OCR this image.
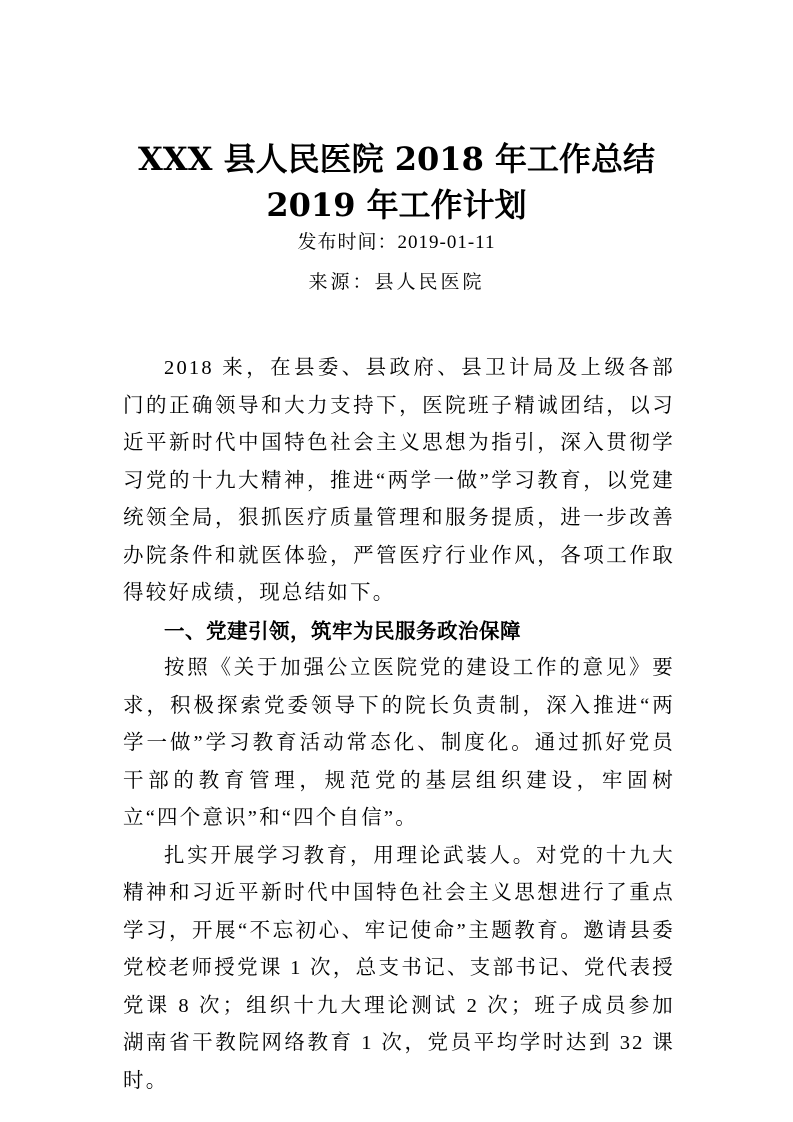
XXX 县人民医院 2018 年工作总结 2019 年工作计划

发布时间：2019-01-11

来源：县人民医院

2018 来，在县委、县政府、县卫计局及上级各部门的正确领导和大力支持下，医院班子精诚团结，以习近平新时代中国特色社会主义思想为指引，深入贯彻学习党的十九大精神，推进“两学一做”学习教育，以党建统领全局，狠抓医疗质量管理和服务提质，进一步改善办院条件和就医体验，严管医疗行业作风，各项工作取得较好成绩，现总结如下。

一、党建引领，筑牢为民服务政治保障

按照《关于加强公立医院党的建设工作的意见》要求，积极探索党委领导下的院长负责制，深入推进“两学一做”学习教育活动常态化、制度化。通过抓好党员干部的教育管理，规范党的基层组织建设，牢固树立“四个意识”和“四个自信”。

扎实开展学习教育，用理论武装人。对党的十九大精神和习近平新时代中国特色社会主义思想进行了重点学习，开展“不忘初心、牢记使命”主题教育。邀请县委党校老师授党课 1 次，总支书记、支部书记、党代表授党课 8 次；组织十九大理论测试 2 次；班子成员参加湖南省干教院网络教育 1 次，党员平均学时达到 32 课时。
